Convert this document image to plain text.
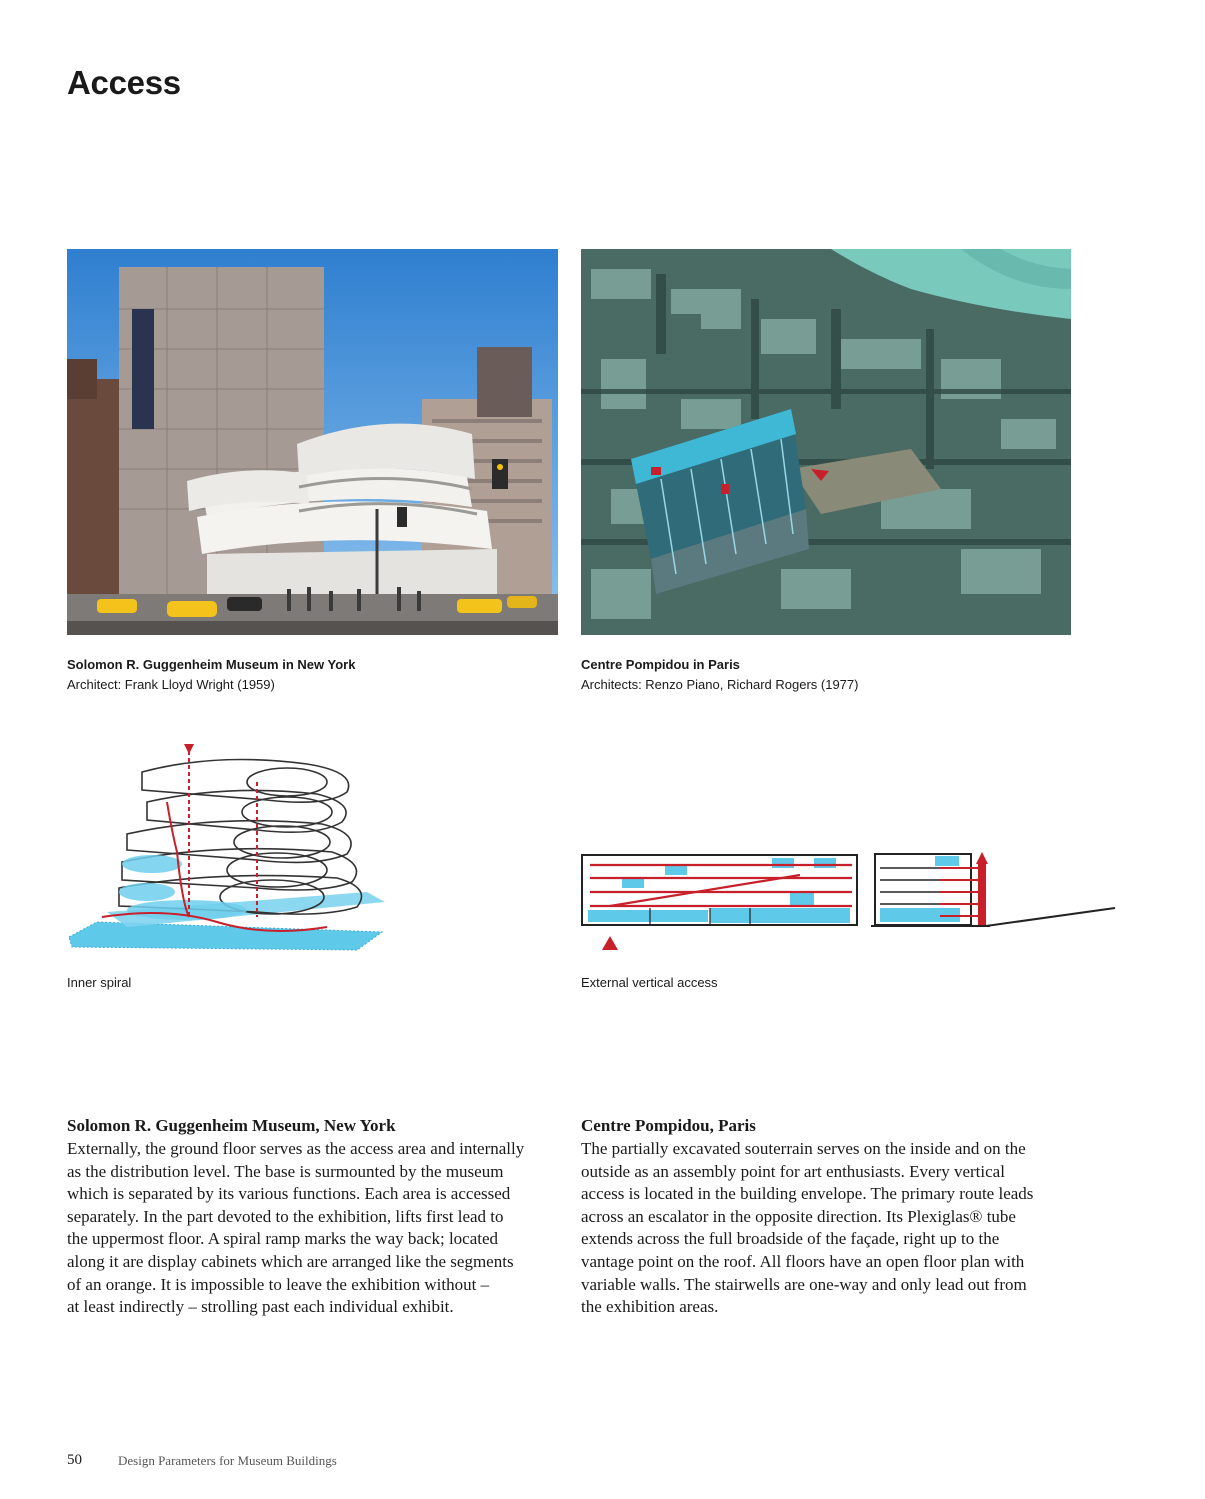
Access
Solomon R. Guggenheim Museum in New York
Architect: Frank Lloyd Wright (1959)
Centre Pompidou in Paris
Architects: Renzo Piano, Richard Rogers (1977)
Inner spiral	External vertical access
Solomon R. Guggenheim Museum, New York
Externally, the ground floor serves as the access area and internally
as the distribution level. The base is surmounted by the museum
which is separated by its various functions. Each area is accessed
separately. In the part devoted to the exhibition, lifts first lead to
the uppermost floor. A spiral ramp marks the way back; located
along it are display cabinets which are arranged like the segments
of an orange. It is impossible to leave the exhibition without –
at least indirectly – strolling past each individual exhibit.
Centre Pompidou, Paris
The partially excavated souterrain serves on the inside and on the
outside as an assembly point for art enthusiasts. Every vertical
access is located in the building envelope. The primary route leads
across an escalator in the opposite direction. Its Plexiglas® tube
extends across the full broadside of the façade, right up to the
vantage point on the roof. All floors have an open floor plan with
variable walls. The stairwells are one-way and only lead out from
the exhibition areas.
50	Design Parameters for Museum Buildings
